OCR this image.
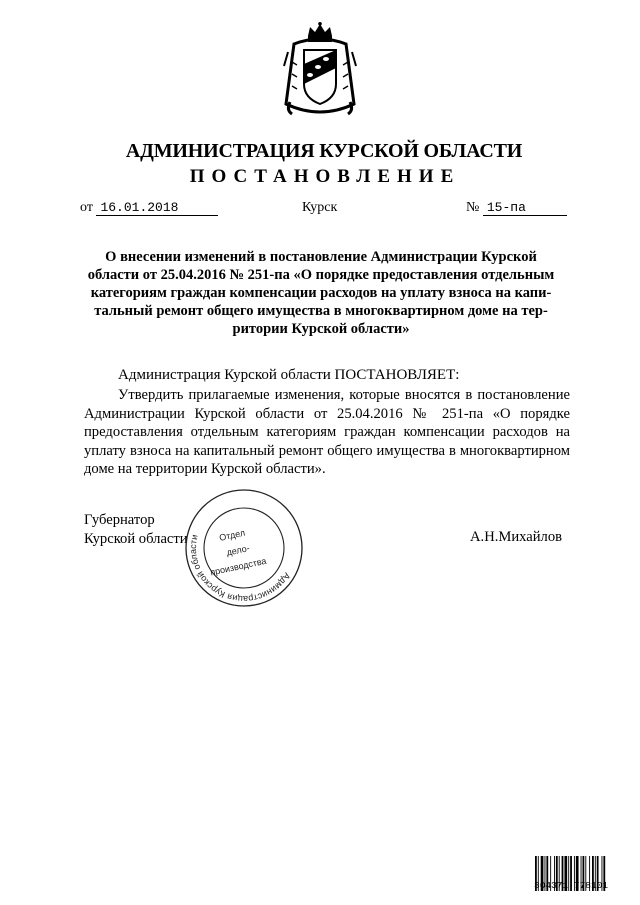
АДМИНИСТРАЦИЯ КУРСКОЙ ОБЛАСТИ
ПОСТАНОВЛЕНИЕ
от 16.01.2018	Курск	№ 15-па
О внесении изменений в постановление Администрации Курской
области от 25.04.2016 № 251-па «О порядке предоставления отдельным
категориям граждан компенсации расходов на уплату взноса на капи-
тальный ремонт общего имущества в многоквартирном доме на тер-
ритории Курской области»
Администрация Курской области ПОСТАНОВЛЯЕТ:
Утвердить прилагаемые изменения, которые вносятся в постановление Администрации Курской области от 25.04.2016 № 251-па «О порядке предоставления отдельным категориям граждан компенсации расходов на уплату взноса на капитальный ремонт общего имущества в многоквартирном доме на территории Курской области».
Губернатор
Курской области	А.Н.Михайлов
Администрация Курской области	Отдел
дело-
производства
304371 778101
